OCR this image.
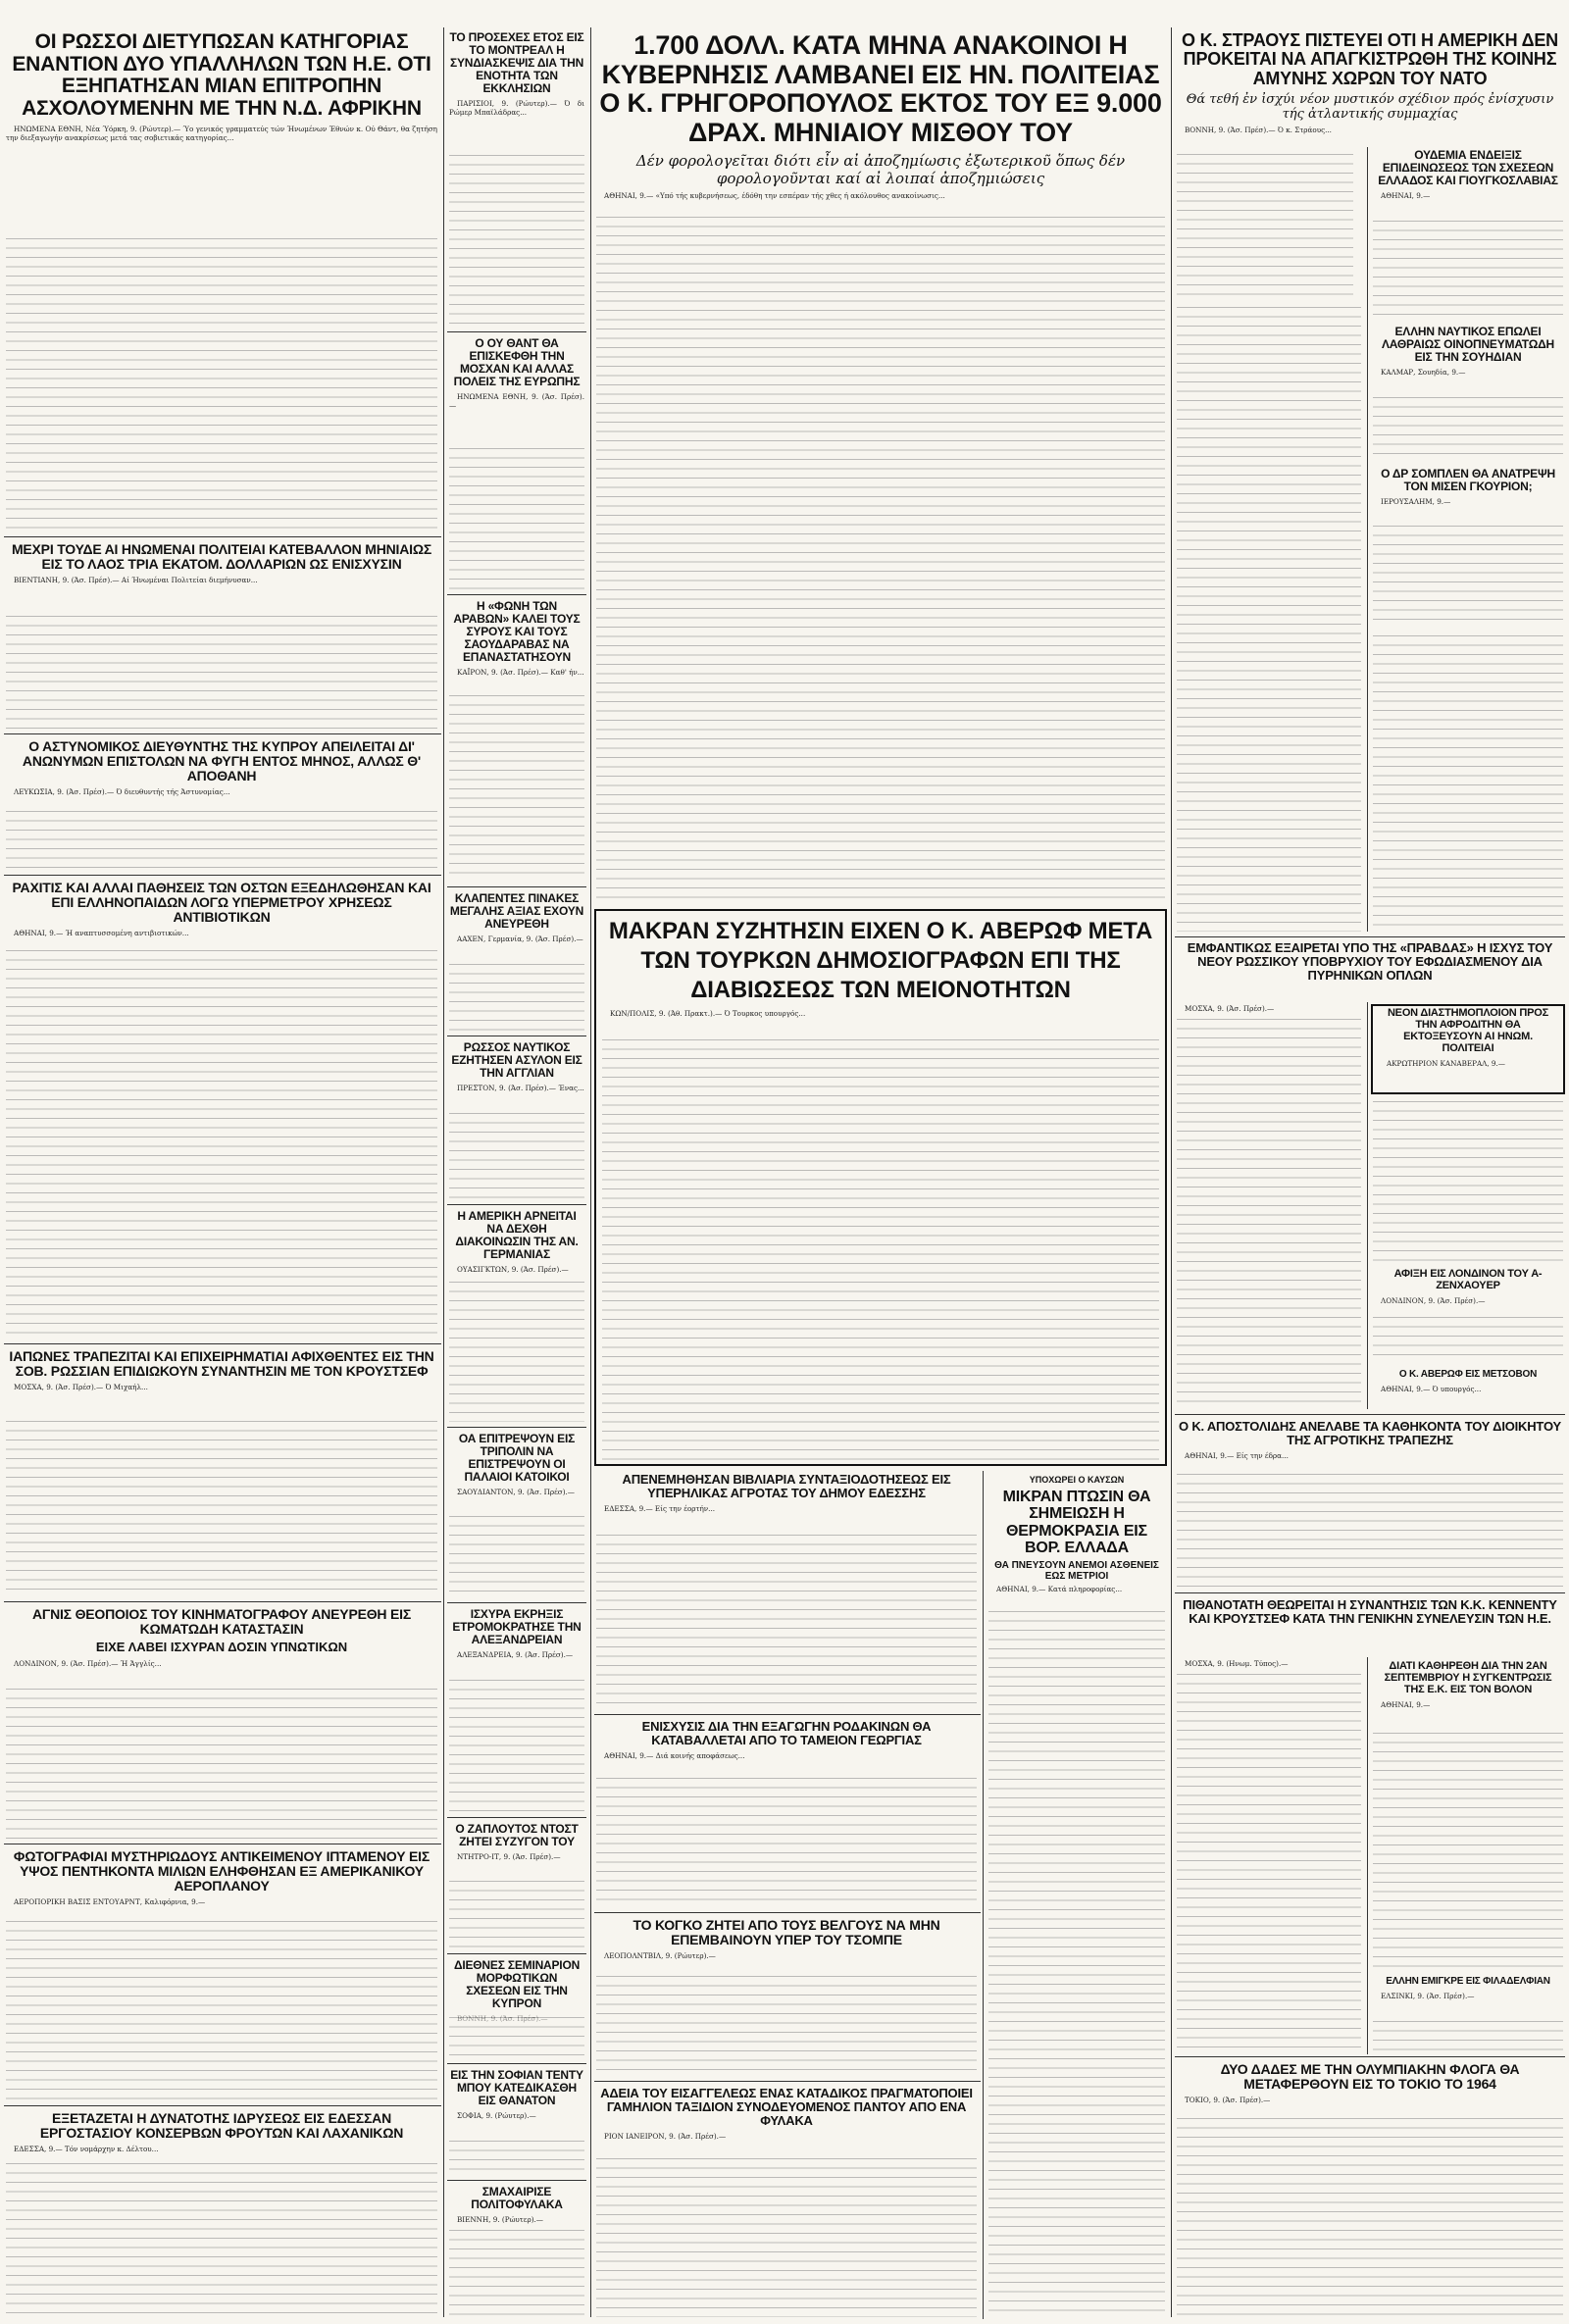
ΟΙ ΡΩΣΣΟΙ ΔΙΕΤΥΠΩΣΑΝ ΚΑΤΗΓΟΡΙΑΣ ΕΝΑΝΤΙΟΝ ΔΥΟ ΥΠΑΛΛΗΛΩΝ ΤΩΝ Η.Ε. ΟΤΙ ΕΞΗΠΑΤΗΣΑΝ ΜΙΑΝ ΕΠΙΤΡΟΠΗΝ ΑΣΧΟΛΟΥΜΕΝΗΝ ΜΕ ΤΗΝ Ν.Δ. ΑΦΡΙΚΗΝ

ΗΝΩΜΕΝΑ ΕΘΝΗ, Νέα Ύόρκη, 9. (Ρώυτερ).— Ύο γενικός γραμματεύς τών Ήνωμένων Έθνών κ. Ού Θάντ, θα ζητήση την διεξαγωγήν ανακρίσεως μετά τας σοβιετικάς κατηγορίας...

ΜΕΧΡΙ ΤΟΥΔΕ ΑΙ ΗΝΩΜΕΝΑΙ ΠΟΛΙΤΕΙΑΙ ΚΑΤΕΒΑΛΛΟΝ ΜΗΝΙΑΙΩΣ ΕΙΣ ΤΟ ΛΑΟΣ ΤΡΙΑ ΕΚΑΤΟΜ. ΔΟΛΛΑΡΙΩΝ ΩΣ ΕΝΙΣΧΥΣΙΝ

ΒΙΕΝΤΙΑΝΗ, 9. (Άσ. Πρέσ).— Αί Ήνωμέναι Πολιτείαι διεμήνυσαν...

Ο ΑΣΤΥΝΟΜΙΚΟΣ ΔΙΕΥΘΥΝΤΗΣ ΤΗΣ ΚΥΠΡΟΥ ΑΠΕΙΛΕΙΤΑΙ ΔΙ' ΑΝΩΝΥΜΩΝ ΕΠΙΣΤΟΛΩΝ ΝΑ ΦΥΓΗ ΕΝΤΟΣ ΜΗΝΟΣ, ΑΛΛΩΣ Θ' ΑΠΟΘΑΝΗ

ΛΕΥΚΩΣΙΑ, 9. (Άσ. Πρέσ).— Ό διευθυντής τής Άστυνομίας...

ΡΑΧΙΤΙΣ ΚΑΙ ΑΛΛΑΙ ΠΑΘΗΣΕΙΣ ΤΩΝ ΟΣΤΩΝ ΕΞΕΔΗΛΩΘΗΣΑΝ ΚΑΙ ΕΠΙ ΕΛΛΗΝΟΠΑΙΔΩΝ ΛΟΓΩ ΥΠΕΡΜΕΤΡΟΥ ΧΡΗΣΕΩΣ ΑΝΤΙΒΙΟΤΙΚΩΝ

ΑΘΗΝΑΙ, 9.— Ή αναπτυσσομένη αντιβιοτικών...

ΙΑΠΩΝΕΣ ΤΡΑΠΕΖΙΤΑΙ ΚΑΙ ΕΠΙΧΕΙΡΗΜΑΤΙΑΙ ΑΦΙΧΘΕΝΤΕΣ ΕΙΣ ΤΗΝ ΣΟΒ. ΡΩΣΣΙΑΝ ΕΠΙΔΙΩΚΟΥΝ ΣΥΝΑΝΤΗΣΙΝ ΜΕ ΤΟΝ ΚΡΟΥΣΤΣΕΦ

ΜΟΣΧΑ, 9. (Άσ. Πρέσ).— Ό Μιχαήλ...

ΑΓΝΙΣ ΘΕΟΠΟΙΟΣ ΤΟΥ ΚΙΝΗΜΑΤΟΓΡΑΦΟΥ ΑΝΕΥΡΕΘΗ ΕΙΣ ΚΩΜΑΤΩΔΗ ΚΑΤΑΣΤΑΣΙΝ
ΕΙΧΕ ΛΑΒΕΙ ΙΣΧΥΡΑΝ ΔΟΣΙΝ ΥΠΝΩΤΙΚΩΝ

ΛΟΝΔΙΝΟΝ, 9. (Άσ. Πρέσ).— Ή Άγγλίς...

ΦΩΤΟΓΡΑΦΙΑΙ ΜΥΣΤΗΡΙΩΔΟΥΣ ΑΝΤΙΚΕΙΜΕΝΟΥ ΙΠΤΑΜΕΝΟΥ ΕΙΣ ΥΨΟΣ ΠΕΝΤΗΚΟΝΤΑ ΜΙΛΙΩΝ ΕΛΗΦΘΗΣΑΝ ΕΞ ΑΜΕΡΙΚΑΝΙΚΟΥ ΑΕΡΟΠΛΑΝΟΥ

ΑΕΡΟΠΟΡΙΚΗ ΒΑΣΙΣ ΕΝΤΟΥΑΡΝΤ, Καλιφόρνια, 9.—

ΕΞΕΤΑΖΕΤΑΙ Η ΔΥΝΑΤΟΤΗΣ ΙΔΡΥΣΕΩΣ ΕΙΣ ΕΔΕΣΣΑΝ ΕΡΓΟΣΤΑΣΙΟΥ ΚΟΝΣΕΡΒΩΝ ΦΡΟΥΤΩΝ ΚΑΙ ΛΑΧΑΝΙΚΩΝ

ΕΔΕΣΣΑ, 9.— Τόν νομάρχην κ. Δέλτου...

ΤΟ ΠΡΟΣΕΧΕΣ ΕΤΟΣ ΕΙΣ ΤΟ ΜΟΝΤΡΕΑΛ Η ΣΥΝΔΙΑΣΚΕΨΙΣ ΔΙΑ ΤΗΝ ΕΝΟΤΗΤΑ ΤΩΝ ΕΚΚΛΗΣΙΩΝ

ΠΑΡΙΣΙΟΙ, 9. (Ρώυτερ).— Ό δι Ρώμερ Μπαϊλάδρας...

Ο ΟΥ ΘΑΝΤ ΘΑ ΕΠΙΣΚΕΦΘΗ ΤΗΝ ΜΟΣΧΑΝ ΚΑΙ ΑΛΛΑΣ ΠΟΛΕΙΣ ΤΗΣ ΕΥΡΩΠΗΣ

ΗΝΩΜΕΝΑ ΕΘΝΗ, 9. (Άσ. Πρέσ).—

Η «ΦΩΝΗ ΤΩΝ ΑΡΑΒΩΝ» ΚΑΛΕΙ ΤΟΥΣ ΣΥΡΟΥΣ ΚΑΙ ΤΟΥΣ ΣΑΟΥΔΑΡΑΒΑΣ ΝΑ ΕΠΑΝΑΣΤΑΤΗΣΟΥΝ

ΚΑΪΡΟΝ, 9. (Άσ. Πρέσ).— Καθ' ήν...

ΚΛΑΠΕΝΤΕΣ ΠΙΝΑΚΕΣ ΜΕΓΑΛΗΣ ΑΞΙΑΣ ΕΧΟΥΝ ΑΝΕΥΡΕΘΗ

ΑΑΧΕΝ, Γερμανία, 9. (Άσ. Πρέσ).—

ΡΩΣΣΟΣ ΝΑΥΤΙΚΟΣ ΕΖΗΤΗΣΕΝ ΑΣΥΛΟΝ ΕΙΣ ΤΗΝ ΑΓΓΛΙΑΝ

ΠΡΕΣΤΟΝ, 9. (Άσ. Πρέσ).— Ένας...

Η ΑΜΕΡΙΚΗ ΑΡΝΕΙΤΑΙ ΝΑ ΔΕΧΘΗ ΔΙΑΚΟΙΝΩΣΙΝ ΤΗΣ ΑΝ. ΓΕΡΜΑΝΙΑΣ

ΟΥΑΣΙΓΚΤΩΝ, 9. (Άσ. Πρέσ).—

ΟΑ ΕΠΙΤΡΕΨΟΥΝ ΕΙΣ ΤΡΙΠΟΛΙΝ ΝΑ ΕΠΙΣΤΡΕΨΟΥΝ ΟΙ ΠΑΛΑΙΟΙ ΚΑΤΟΙΚΟΙ

ΣΑΟΥΔΙΑΝΤΟΝ, 9. (Άσ. Πρέσ).—

ΙΣΧΥΡΑ ΕΚΡΗΞΙΣ ΕΤΡΟΜΟΚΡΑΤΗΣΕ ΤΗΝ ΑΛΕΞΑΝΔΡΕΙΑΝ

ΑΛΕΞΑΝΔΡΕΙΑ, 9. (Άσ. Πρέσ).—

Ο ΖΑΠΛΟΥΤΟΣ ΝΤΟΣΤ ΖΗΤΕΙ ΣΥΖΥΓΟΝ ΤΟΥ

ΝΤΗΤΡΟ-ΙΤ, 9. (Άσ. Πρέσ).—

ΔΙΕΘΝΕΣ ΣΕΜΙΝΑΡΙΟΝ ΜΟΡΦΩΤΙΚΩΝ ΣΧΕΣΕΩΝ ΕΙΣ ΤΗΝ ΚΥΠΡΟΝ

ΕΙΣ ΤΗΝ ΣΟΦΙΑΝ ΤΕΝΤΥ ΜΠΟΥ ΚΑΤΕΔΙΚΑΣΘΗ ΕΙΣ ΘΑΝΑΤΟΝ

ΣΟΦΙΑ, 9. (Ρώυτερ).—

ΣΜΑΧΑΙΡΙΣΕ ΠΟΛΙΤΟΦΥΛΑΚΑ

ΒΙΕΝΝΗ, 9. (Ρώυτερ).—

1.700 ΔΟΛΛ. ΚΑΤΑ ΜΗΝΑ ΑΝΑΚΟΙΝΟΙ Η ΚΥΒΕΡΝΗΣΙΣ ΛΑΜΒΑΝΕΙ ΕΙΣ ΗΝ. ΠΟΛΙΤΕΙΑΣ Ο Κ. ΓΡΗΓΟΡΟΠΟΥΛΟΣ ΕΚΤΟΣ ΤΟΥ ΕΞ 9.000 ΔΡΑΧ. ΜΗΝΙΑΙΟΥ ΜΙΣΘΟΥ ΤΟΥ
Δέν φορολογεῖται διότι εἶν αἰ ἀποζημίωσις ἐξωτερικοῦ ὅπως δέν φορολογοῦνται καί αἰ λοιπαί ἀποζημιώσεις

ΑΘΗΝΑΙ, 9.— «Υπό τής κυβερνήσεως, έδόθη την εσπέραν τής χθες ή ακόλουθος ανακοίνωσις...

ΜΑΚΡΑΝ ΣΥΖΗΤΗΣΙΝ ΕΙΧΕΝ Ο Κ. ΑΒΕΡΩΦ ΜΕΤΑ ΤΩΝ ΤΟΥΡΚΩΝ ΔΗΜΟΣΙΟΓΡΑΦΩΝ ΕΠΙ ΤΗΣ ΔΙΑΒΙΩΣΕΩΣ ΤΩΝ ΜΕΙΟΝΟΤΗΤΩΝ

ΚΩΝ/ΠΟΛΙΣ, 9. (Άθ. Πρακτ.).— Ό Τουρκος υπουργός...

ΑΠΕΝΕΜΗΘΗΣΑΝ ΒΙΒΛΙΑΡΙΑ ΣΥΝΤΑΞΙΟΔΟΤΗΣΕΩΣ ΕΙΣ ΥΠΕΡΗΛΙΚΑΣ ΑΓΡΟΤΑΣ ΤΟΥ ΔΗΜΟΥ ΕΔΕΣΣΗΣ

ΕΔΕΣΣΑ, 9.— Είς την έορτήν...

ΕΝΙΣΧΥΣΙΣ ΔΙΑ ΤΗΝ ΕΞΑΓΩΓΗΝ ΡΟΔΑΚΙΝΩΝ ΘΑ ΚΑΤΑΒΑΛΛΕΤΑΙ ΑΠΟ ΤΟ ΤΑΜΕΙΟΝ ΓΕΩΡΓΙΑΣ

ΑΘΗΝΑΙ, 9.— Διά κοινής αποφάσεως...

ΤΟ ΚΟΓΚΟ ΖΗΤΕΙ ΑΠΟ ΤΟΥΣ ΒΕΛΓΟΥΣ ΝΑ ΜΗΝ ΕΠΕΜΒΑΙΝΟΥΝ ΥΠΕΡ ΤΟΥ ΤΣΟΜΠΕ

ΛΕΟΠΟΛΝΤΒΙΛ, 9. (Ρώυτερ).—

ΑΔΕΙΑ ΤΟΥ ΕΙΣΑΓΓΕΛΕΩΣ ΕΝΑΣ ΚΑΤΑΔΙΚΟΣ ΠΡΑΓΜΑΤΟΠΟΙΕΙ ΓΑΜΗΛΙΟΝ ΤΑΞΙΔΙΟΝ ΣΥΝΟΔΕΥΟΜΕΝΟΣ ΠΑΝΤΟΥ ΑΠΟ ΕΝΑ ΦΥΛΑΚΑ

ΡΙΟΝ ΙΑΝΕΙΡΟΝ, 9. (Άσ. Πρέσ).—

ΥΠΟΧΩΡΕΙ Ο ΚΑΥΣΩΝ
ΜΙΚΡΑΝ ΠΤΩΣΙΝ ΘΑ ΣΗΜΕΙΩΣΗ Η ΘΕΡΜΟΚΡΑΣΙΑ ΕΙΣ ΒΟΡ. ΕΛΛΑΔΑ
ΘΑ ΠΝΕΥΣΟΥΝ ΑΝΕΜΟΙ ΑΣΘΕΝΕΙΣ ΕΩΣ ΜΕΤΡΙΟΙ

ΑΘΗΝΑΙ, 9.— Κατά πληροφορίας...

Ο Κ. ΣΤΡΑΟΥΣ ΠΙΣΤΕΥΕΙ ΟΤΙ Η ΑΜΕΡΙΚΗ ΔΕΝ ΠΡΟΚΕΙΤΑΙ ΝΑ ΑΠΑΓΚΙΣΤΡΩΘΗ ΤΗΣ ΚΟΙΝΗΣ ΑΜΥΝΗΣ ΧΩΡΩΝ ΤΟΥ ΝΑΤΟ
Θά τεθή ἐν ἰσχύι νέον μυστικόν σχέδιον πρός ἐνίσχυσιν τής ἀτλαντικής συμμαχίας

ΒΟΝΝΗ, 9. (Άσ. Πρέσ).— Ό κ. Στράους...

ΟΥΔΕΜΙΑ ΕΝΔΕΙΞΙΣ ΕΠΙΔΕΙΝΩΣΕΩΣ ΤΩΝ ΣΧΕΣΕΩΝ ΕΛΛΑΔΟΣ ΚΑΙ ΓΙΟΥΓΚΟΣΛΑΒΙΑΣ

ΑΘΗΝΑΙ, 9.—

ΕΛΛΗΝ ΝΑΥΤΙΚΟΣ ΕΠΩΛΕΙ ΛΑΘΡΑΙΩΣ ΟΙΝΟΠΝΕΥΜΑΤΩΔΗ ΕΙΣ ΤΗΝ ΣΟΥΗΔΙΑΝ

ΚΑΛΜΑΡ, Σουηδία, 9.—

Ο ΔΡ ΣΟΜΠΛΕΝ ΘΑ ΑΝΑΤΡΕΨΗ ΤΟΝ ΜΙΣΕΝ ΓΚΟΥΡΙΟΝ;

ΙΕΡΟΥΣΑΛΗΜ, 9.—

ΕΜΦΑΝΤΙΚΩΣ ΕΞΑΙΡΕΤΑΙ ΥΠΟ ΤΗΣ «ΠΡΑΒΔΑΣ» Η ΙΣΧΥΣ ΤΟΥ ΝΕΟΥ ΡΩΣΣΙΚΟΥ ΥΠΟΒΡΥΧΙΟΥ ΤΟΥ ΕΦΩΔΙΑΣΜΕΝΟΥ ΔΙΑ ΠΥΡΗΝΙΚΩΝ ΟΠΛΩΝ

ΜΟΣΧΑ, 9. (Άσ. Πρέσ).—	ΝΕΟΝ ΔΙΑΣΤΗΜΟΠΛΟΙΟΝ ΠΡΟΣ ΤΗΝ ΑΦΡΟΔΙΤΗΝ ΘΑ ΕΚΤΟΞΕΥΣΟΥΝ ΑΙ ΗΝΩΜ. ΠΟΛΙΤΕΙΑΙ

ΑΚΡΩΤΗΡΙΟΝ ΚΑΝΑΒΕΡΑΛ, 9.—

ΑΦΙΞΗ ΕΙΣ ΛΟΝΔΙΝΟΝ ΤΟΥ Α-ΖΕΝΧΑΟΥΕΡ

ΛΟΝΔΙΝΟΝ, 9. (Άσ. Πρέσ).—

Ο Κ. ΑΒΕΡΩΦ ΕΙΣ ΜΕΤΣΟΒΟΝ

ΑΘΗΝΑΙ, 9.— Ό υπουργός...

Ο Κ. ΑΠΟΣΤΟΛΙΔΗΣ ΑΝΕΛΑΒΕ ΤΑ ΚΑΘΗΚΟΝΤΑ ΤΟΥ ΔΙΟΙΚΗΤΟΥ ΤΗΣ ΑΓΡΟΤΙΚΗΣ ΤΡΑΠΕΖΗΣ

ΑΘΗΝΑΙ, 9.— Είς την έδρα...

ΠΙΘΑΝΟΤΑΤΗ ΘΕΩΡΕΙΤΑΙ Η ΣΥΝΑΝΤΗΣΙΣ ΤΩΝ Κ.Κ. ΚΕΝΝΕΝΤΥ ΚΑΙ ΚΡΟΥΣΤΣΕΦ ΚΑΤΑ ΤΗΝ ΓΕΝΙΚΗΝ ΣΥΝΕΛΕΥΣΙΝ ΤΩΝ Η.Ε.

ΜΟΣΧΑ, 9. (Ηνωμ. Τύπος).—	ΔΙΑΤΙ ΚΑΘΗΡΕΘΗ ΔΙΑ ΤΗΝ 2ΑΝ ΣΕΠΤΕΜΒΡΙΟΥ Η ΣΥΓΚΕΝΤΡΩΣΙΣ ΤΗΣ Ε.Κ. ΕΙΣ ΤΟΝ ΒΟΛΟΝ

ΑΘΗΝΑΙ, 9.—

ΕΛΛΗΝ ΕΜΙΓΚΡΕ ΕΙΣ ΦΙΛΑΔΕΛΦΙΑΝ

ΕΛΣΙΝΚΙ, 9. (Άσ. Πρέσ).—

ΔΥΟ ΔΑΔΕΣ ΜΕ ΤΗΝ ΟΛΥΜΠΙΑΚΗΝ ΦΛΟΓΑ ΘΑ ΜΕΤΑΦΕΡΘΟΥΝ ΕΙΣ ΤΟ ΤΟΚΙΟ ΤΟ 1964

ΤΟΚΙΟ, 9. (Άσ. Πρέσ).—
